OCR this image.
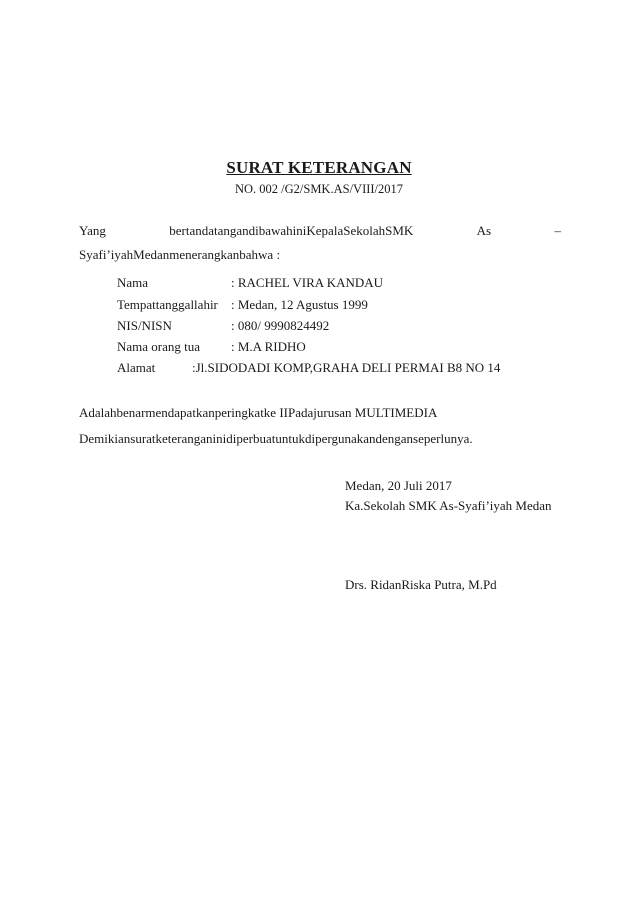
SURAT KETERANGAN
NO. 002 /G2/SMK.AS/VIII/2017
Yang	bertandatangandibawahiniKepalaSekolahSMK	As	–
Syafi’iyahMedanmenerangkanbahwa :
Nama	: RACHEL VIRA KANDAU
Tempattanggallahir : Medan, 12 Agustus 1999
NIS/NISN	: 080/ 9990824492
Nama orang tua : M.A RIDHO
Alamat	:Jl.SIDODADI KOMP,GRAHA DELI PERMAI B8 NO 14
Adalahbenarmendapatkanperingkatke IIPadajurusan MULTIMEDIA
Demikiansuratketeranganinidiperbuatuntukdipergunakandenganseperlunya.
Medan, 20 Juli 2017
Ka.Sekolah SMK As-Syafi’iyah Medan
Drs. RidanRiska Putra, M.Pd
